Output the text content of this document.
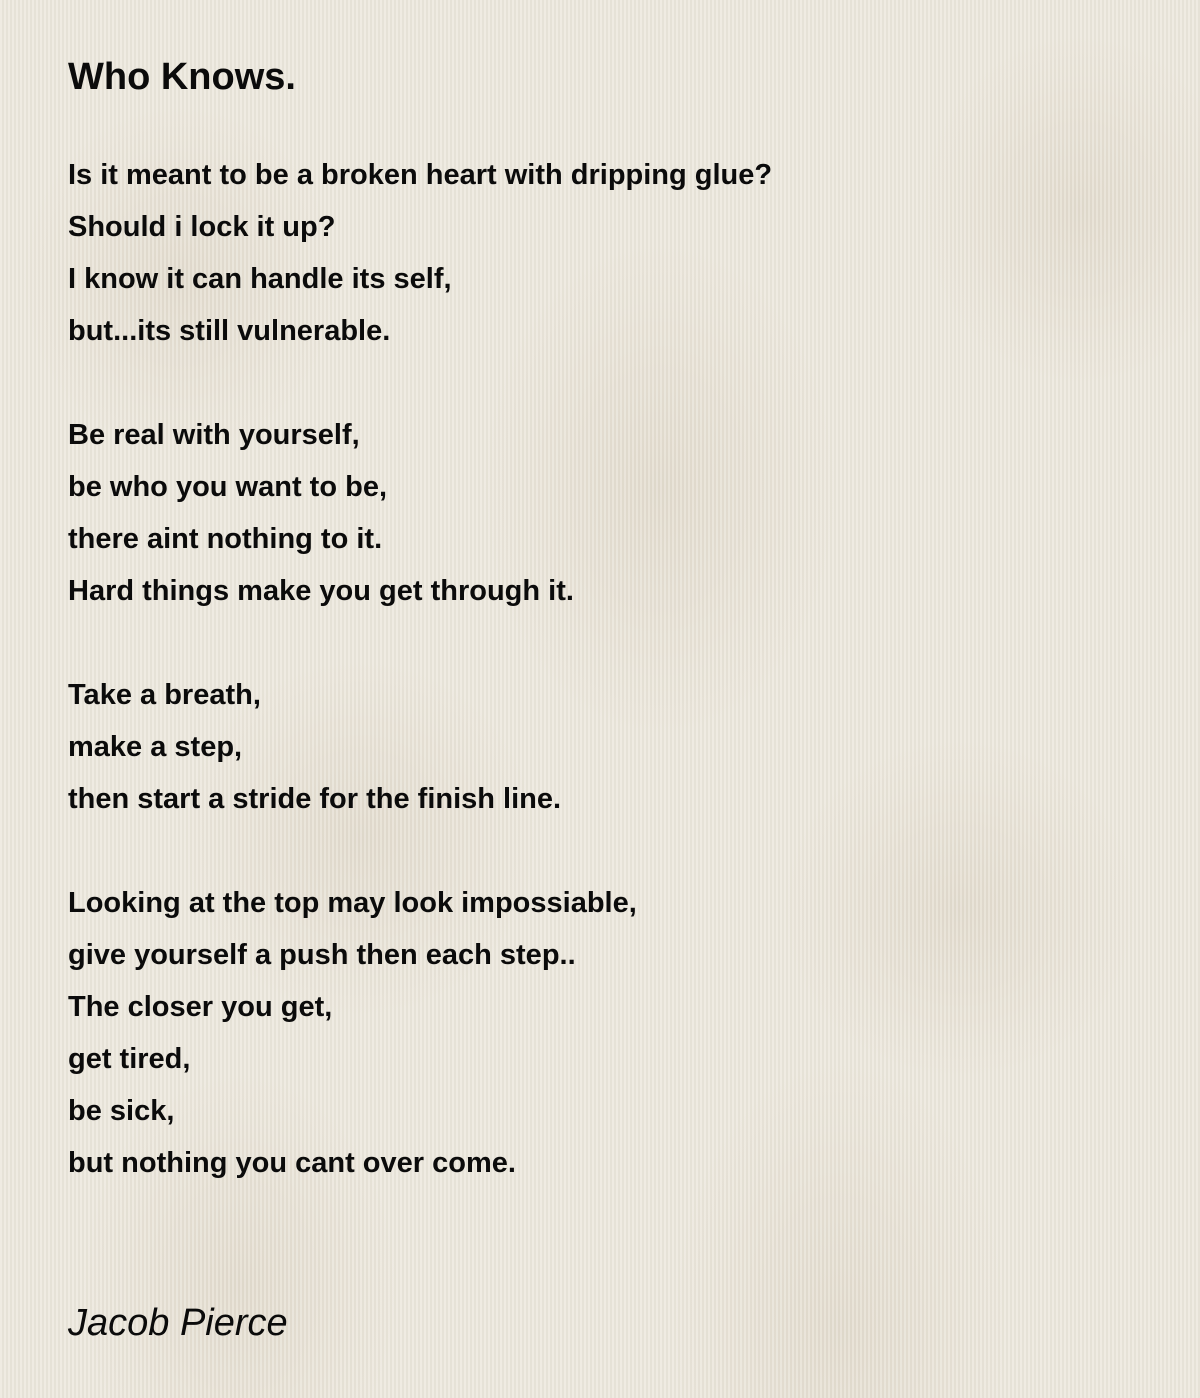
Who Knows.
Is it meant to be a broken heart with dripping glue?
Should i lock it up?
I know it can handle its self,
but...its still vulnerable.
Be real with yourself,
be who you want to be,
there aint nothing to it.
Hard things make you get through it.
Take a breath,
make a step,
then start a stride for the finish line.
Looking at the top may look impossiable,
give yourself a push then each step..
The closer you get,
get tired,
be sick,
but nothing you cant over come.
Jacob Pierce
